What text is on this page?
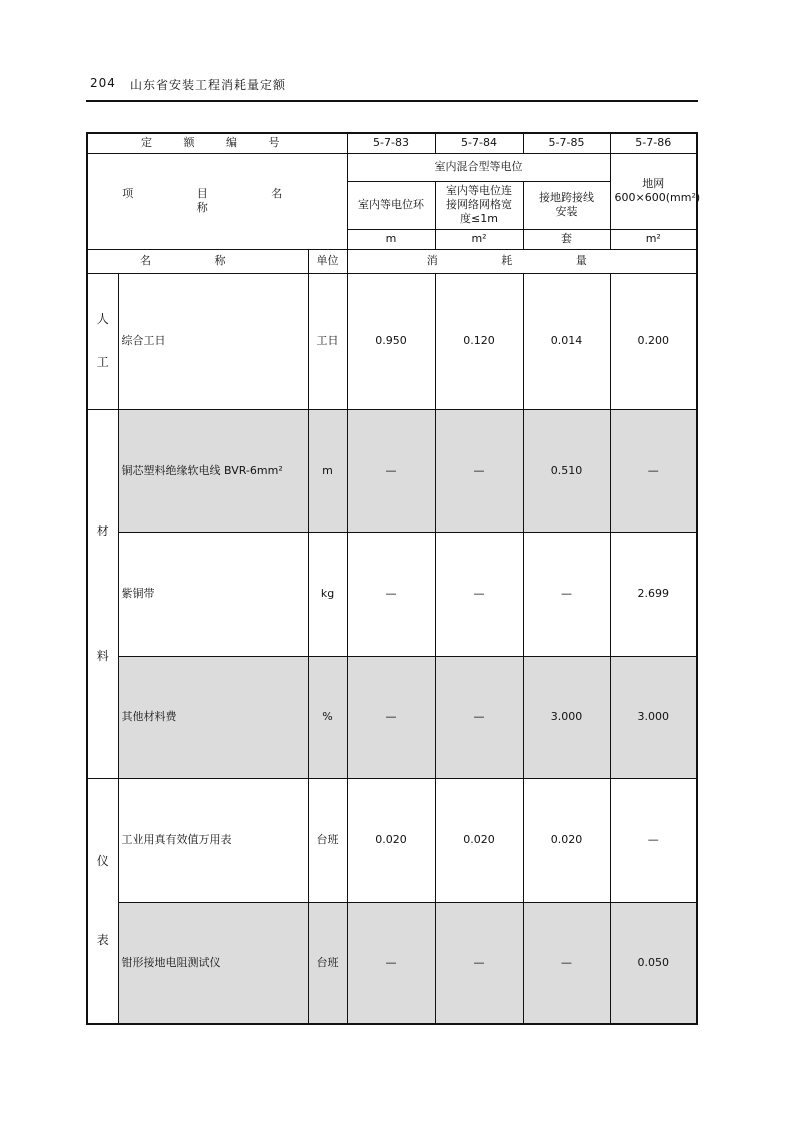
204 山东省安装工程消耗量定额
定 额 编 号			5-7-83	5-7-84	5-7-85	5-7-86
项 目 名 称			室内混合型等电位			地网600×600(mm²)
			室内等电位环	室内等电位连接网络网格宽度≤1m	接地跨接线安装	
			m	m²	套	m²
名 称		单位	消 耗 量			

人
工	综合工日	工日	0.950	0.120	0.014	0.200

材
料	铜芯塑料绝缘软电线 BVR-6mm²	m	—	—	0.510	—
	紫铜带	kg	—	—	—	2.699
	其他材料费	%	—	—	3.000	3.000

仪
表	工业用真有效值万用表	台班	0.020	0.020	0.020	—
	钳形接地电阻测试仪	台班	—	—	—	0.050
